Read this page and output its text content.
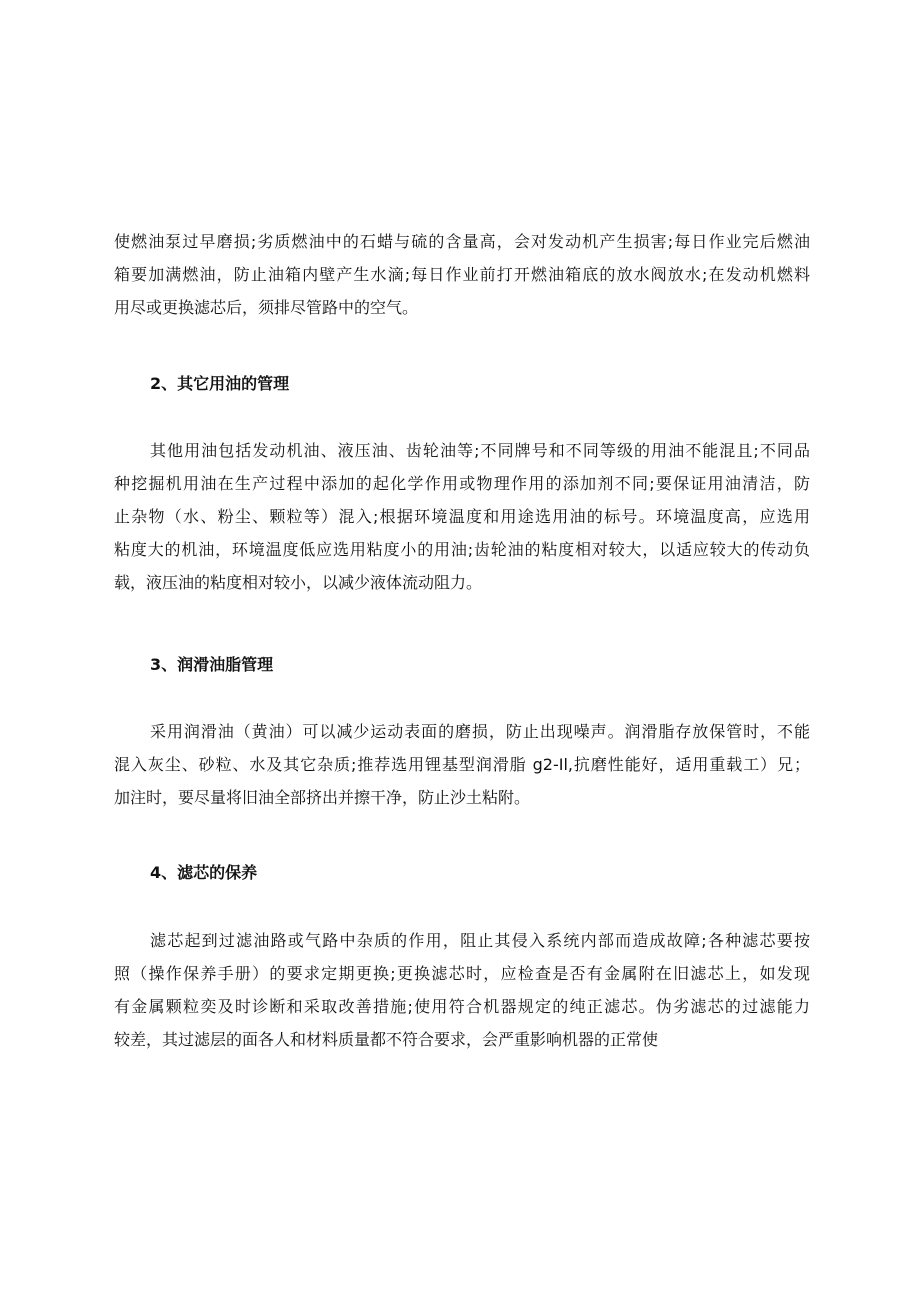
使燃油泵过早磨损;劣质燃油中的石蜡与硫的含量高，会对发动机产生损害;每日作业完后燃油
箱要加满燃油，防止油箱内壁产生水滴;每日作业前打开燃油箱底的放水阀放水;在发动机燃料
用尽或更换滤芯后，须排尽管路中的空气。
2、其它用油的管理
其他用油包括发动机油、液压油、齿轮油等;不同牌号和不同等级的用油不能混且;不同品
种挖掘机用油在生产过程中添加的起化学作用或物理作用的添加剂不同;要保证用油清洁，防
止杂物（水、粉尘、颗粒等）混入;根据环境温度和用途选用油的标号。环境温度高，应选用
粘度大的机油，环境温度低应选用粘度小的用油;齿轮油的粘度相对较大，以适应较大的传动负
载，液压油的粘度相对较小，以减少液体流动阻力。
3、润滑油脂管理
采用润滑油（黄油）可以减少运动表面的磨损，防止出现噪声。润滑脂存放保管时，不能
混入灰尘、砂粒、水及其它杂质;推荐选用锂基型润滑脂 g2-Il,抗磨性能好，适用重载工）兄；
加注时，要尽量将旧油全部挤出并擦干净，防止沙土粘附。
4、滤芯的保养
滤芯起到过滤油路或气路中杂质的作用，阻止其侵入系统内部而造成故障;各种滤芯要按
照（操作保养手册）的要求定期更换;更换滤芯时，应检查是否有金属附在旧滤芯上，如发现
有金属颗粒奕及时诊断和采取改善措施;使用符合机器规定的纯正滤芯。伪劣滤芯的过滤能力
较差，其过滤层的面各人和材料质量都不符合要求，会严重影响机器的正常使
